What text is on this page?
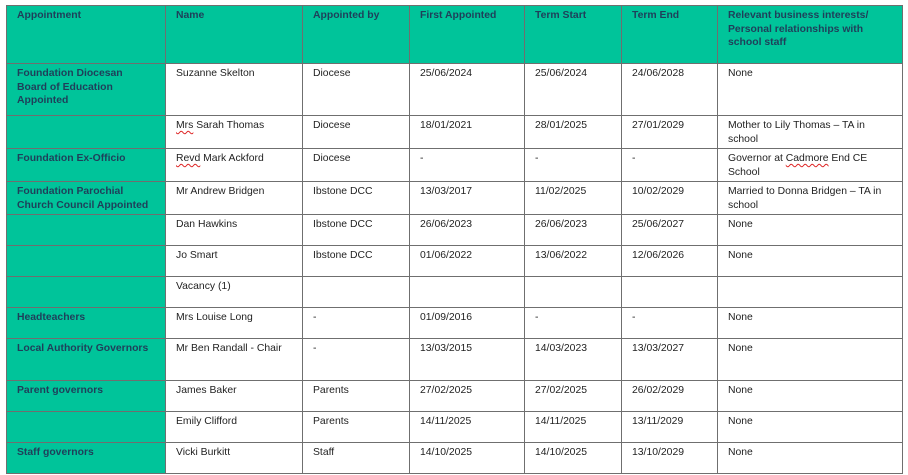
Appointment	Name	Appointed by	First Appointed	Term Start	Term End	Relevant business interests/ Personal relationships with school staff
Foundation Diocesan Board of Education Appointed	Suzanne Skelton	Diocese	25/06/2024	25/06/2024	24/06/2028	None
	Mrs Sarah Thomas	Diocese	18/01/2021	28/01/2025	27/01/2029	Mother to Lily Thomas – TA in school
Foundation Ex-Officio	Revd Mark Ackford	Diocese	-	-	-	Governor at Cadmore End CE School
Foundation Parochial Church Council Appointed	Mr Andrew Bridgen	Ibstone DCC	13/03/2017	11/02/2025	10/02/2029	Married to Donna Bridgen – TA in school
	Dan Hawkins	Ibstone DCC	26/06/2023	26/06/2023	25/06/2027	None
	Jo Smart	Ibstone DCC	01/06/2022	13/06/2022	12/06/2026	None
	Vacancy (1)					
Headteachers	Mrs Louise Long	-	01/09/2016	-	-	None
Local Authority Governors	Mr Ben Randall - Chair	-	13/03/2015	14/03/2023	13/03/2027	None
Parent governors	James Baker	Parents	27/02/2025	27/02/2025	26/02/2029	None
	Emily Clifford	Parents	14/11/2025	14/11/2025	13/11/2029	None
Staff governors	Vicki Burkitt	Staff	14/10/2025	14/10/2025	13/10/2029	None
